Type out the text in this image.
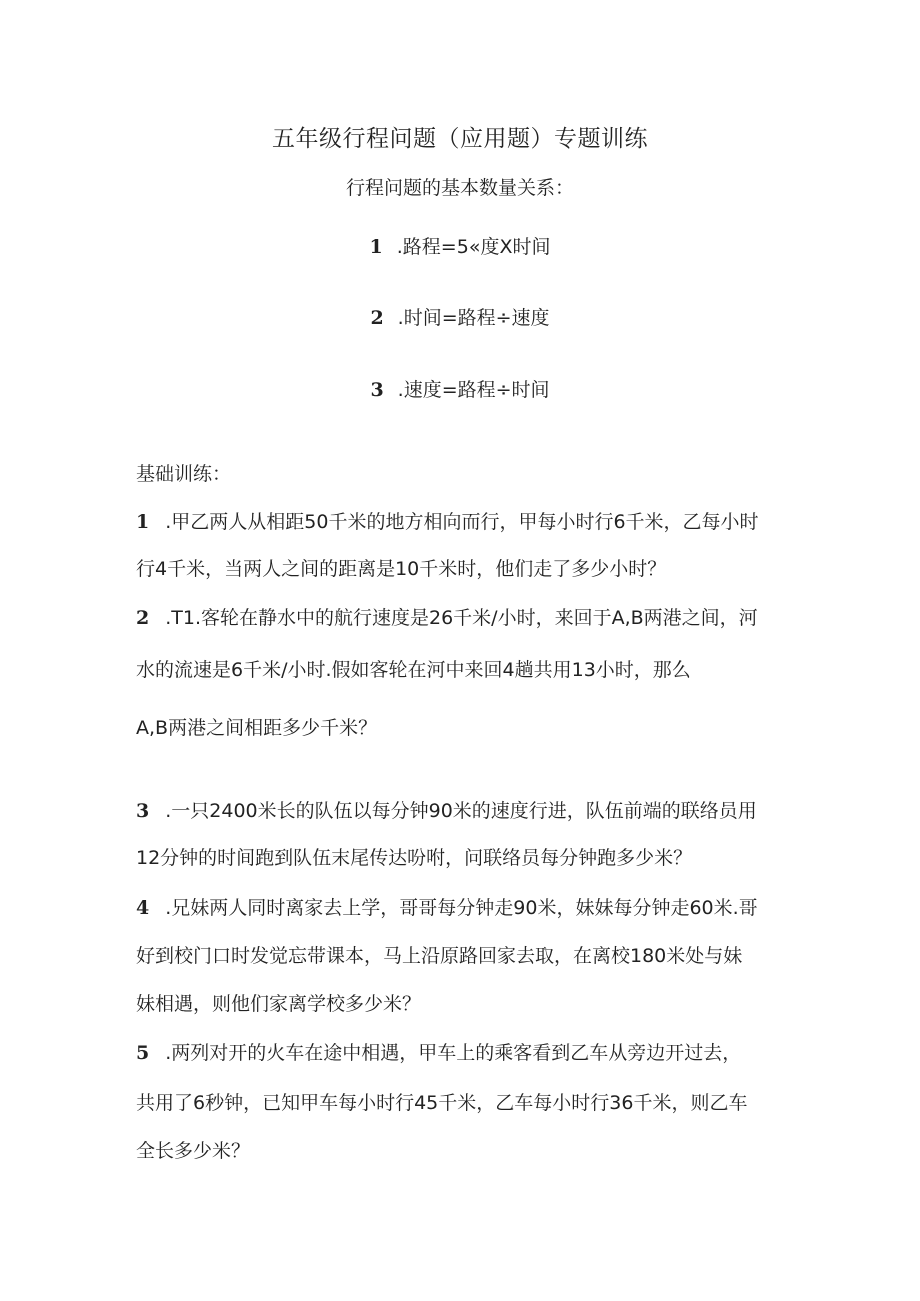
五年级行程问题（应用题）专题训练
行程问题的基本数量关系：
1 .路程=5«度X时间
2 .时间=路程÷速度
3 .速度=路程÷时间
基础训练：
1 .甲乙两人从相距50千米的地方相向而行，甲每小时行6千米，乙每小时
行4千米，当两人之间的距离是10千米时，他们走了多少小时？
2 .T1.客轮在静水中的航行速度是26千米/小时，来回于A,B两港之间，河
水的流速是6千米/小时.假如客轮在河中来回4趟共用13小时，那么
A,B两港之间相距多少千米？
3 .一只2400米长的队伍以每分钟90米的速度行进，队伍前端的联络员用
12分钟的时间跑到队伍末尾传达吩咐，问联络员每分钟跑多少米？
4 .兄妹两人同时离家去上学，哥哥每分钟走90米，妹妹每分钟走60米.哥
好到校门口时发觉忘带课本，马上沿原路回家去取，在离校180米处与妹
妹相遇，则他们家离学校多少米？
5 .两列对开的火车在途中相遇，甲车上的乘客看到乙车从旁边开过去，
共用了6秒钟，已知甲车每小时行45千米，乙车每小时行36千米，则乙车
全长多少米？
